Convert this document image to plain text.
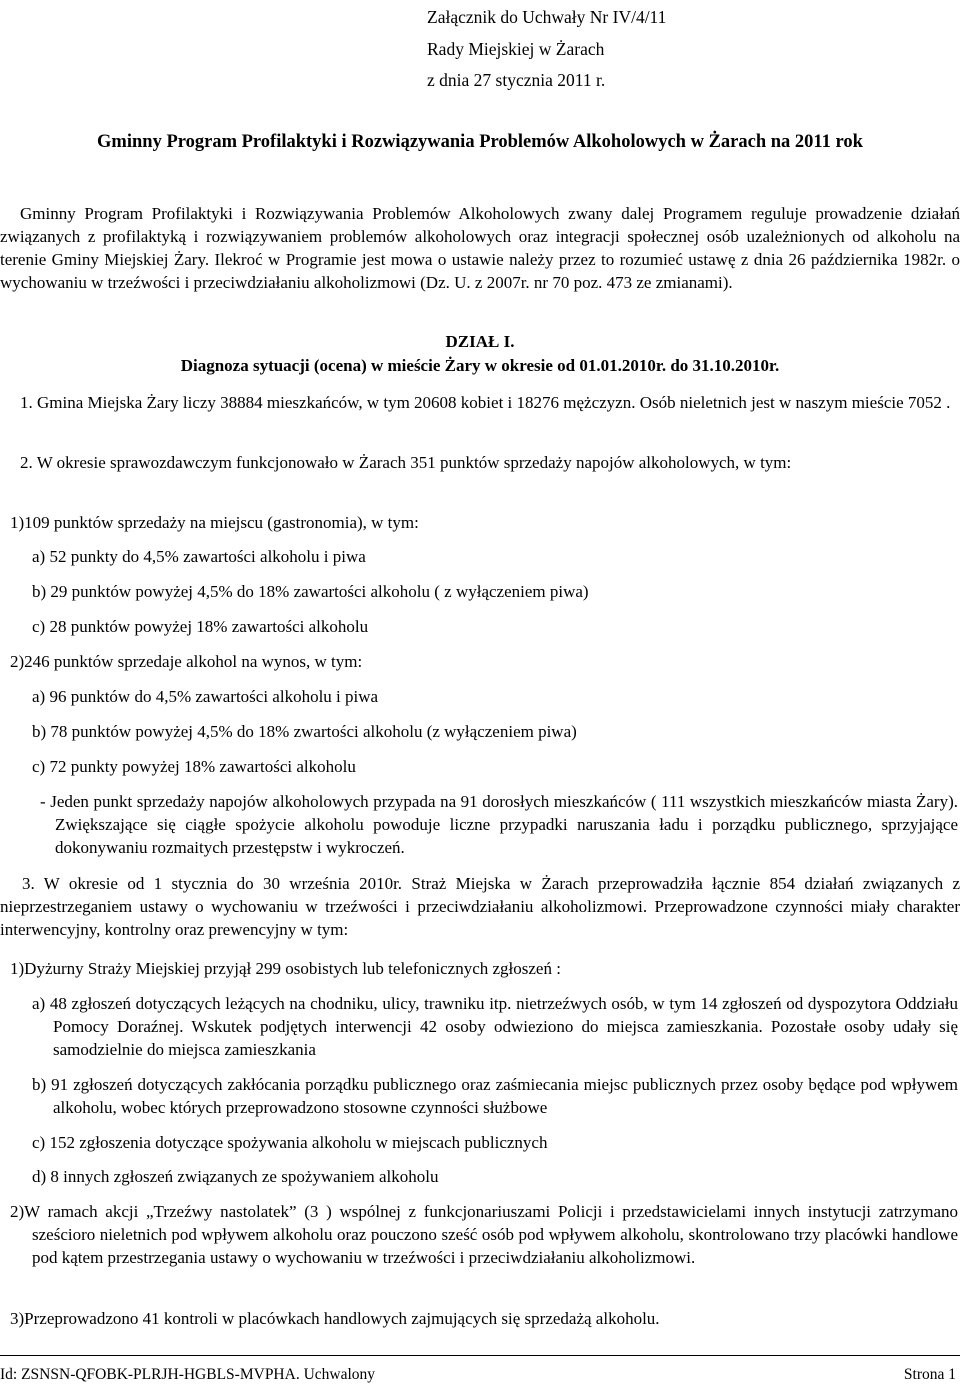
Załącznik do Uchwały Nr IV/4/11
Rady Miejskiej w Żarach
z dnia 27 stycznia 2011 r.
Gminny Program Profilaktyki i Rozwiązywania Problemów Alkoholowych w Żarach na 2011 rok
Gminny Program Profilaktyki i Rozwiązywania Problemów Alkoholowych zwany dalej Programem reguluje prowadzenie działań związanych z profilaktyką i rozwiązywaniem problemów alkoholowych oraz integracji społecznej osób uzależnionych od alkoholu na terenie Gminy Miejskiej Żary. Ilekroć w Programie jest mowa o ustawie należy przez to rozumieć ustawę z dnia 26 października 1982r. o wychowaniu w trzeźwości i przeciwdziałaniu alkoholizmowi (Dz. U. z 2007r. nr 70 poz. 473 ze zmianami).
DZIAŁ I.
Diagnoza sytuacji (ocena) w mieście Żary w okresie od 01.01.2010r. do 31.10.2010r.
1. Gmina Miejska Żary liczy 38884 mieszkańców, w tym 20608 kobiet i 18276 mężczyzn. Osób nieletnich jest w naszym mieście 7052 .
2. W okresie sprawozdawczym funkcjonowało w Żarach 351 punktów sprzedaży napojów alkoholowych, w tym:
1)109 punktów sprzedaży na miejscu (gastronomia), w tym:
a) 52 punkty do 4,5% zawartości alkoholu i piwa
b) 29 punktów powyżej 4,5% do 18% zawartości alkoholu ( z wyłączeniem piwa)
c) 28 punktów powyżej 18% zawartości alkoholu
2)246 punktów sprzedaje alkohol na wynos, w tym:
a) 96 punktów do 4,5% zawartości alkoholu i piwa
b) 78 punktów powyżej 4,5% do 18% zwartości alkoholu (z wyłączeniem piwa)
c) 72 punkty powyżej 18% zawartości alkoholu
- Jeden punkt sprzedaży napojów alkoholowych przypada na 91 dorosłych mieszkańców ( 111 wszystkich mieszkańców miasta Żary). Zwiększające się ciągłe spożycie alkoholu powoduje liczne przypadki naruszania ładu i porządku publicznego, sprzyjające dokonywaniu rozmaitych przestępstw i wykroczeń.
3. W okresie od 1 stycznia do 30 września 2010r. Straż Miejska w Żarach przeprowadziła łącznie 854 działań związanych z nieprzestrzeganiem ustawy o wychowaniu w trzeźwości i przeciwdziałaniu alkoholizmowi. Przeprowadzone czynności miały charakter interwencyjny, kontrolny oraz prewencyjny w tym:
1)Dyżurny Straży Miejskiej przyjął 299 osobistych lub telefonicznych zgłoszeń :
a) 48 zgłoszeń dotyczących leżących na chodniku, ulicy, trawniku itp. nietrzeźwych osób, w tym 14 zgłoszeń od dyspozytora Oddziału Pomocy Doraźnej. Wskutek podjętych interwencji 42 osoby odwieziono do miejsca zamieszkania. Pozostałe osoby udały się samodzielnie do miejsca zamieszkania
b) 91 zgłoszeń dotyczących zakłócania porządku publicznego oraz zaśmiecania miejsc publicznych przez osoby będące pod wpływem alkoholu, wobec których przeprowadzono stosowne czynności służbowe
c) 152 zgłoszenia dotyczące spożywania alkoholu w miejscach publicznych
d) 8 innych zgłoszeń związanych ze spożywaniem alkoholu
2)W ramach akcji „Trzeźwy nastolatek” (3 ) wspólnej z funkcjonariuszami Policji i przedstawicielami innych instytucji zatrzymano sześcioro nieletnich pod wpływem alkoholu oraz pouczono sześć osób pod wpływem alkoholu, skontrolowano trzy placówki handlowe pod kątem przestrzegania ustawy o wychowaniu w trzeźwości i przeciwdziałaniu alkoholizmowi.
3)Przeprowadzono 41 kontroli w placówkach handlowych zajmujących się sprzedażą alkoholu.
Id: ZSNSN-QFOBK-PLRJH-HGBLS-MVPHA. Uchwalony	Strona 1
